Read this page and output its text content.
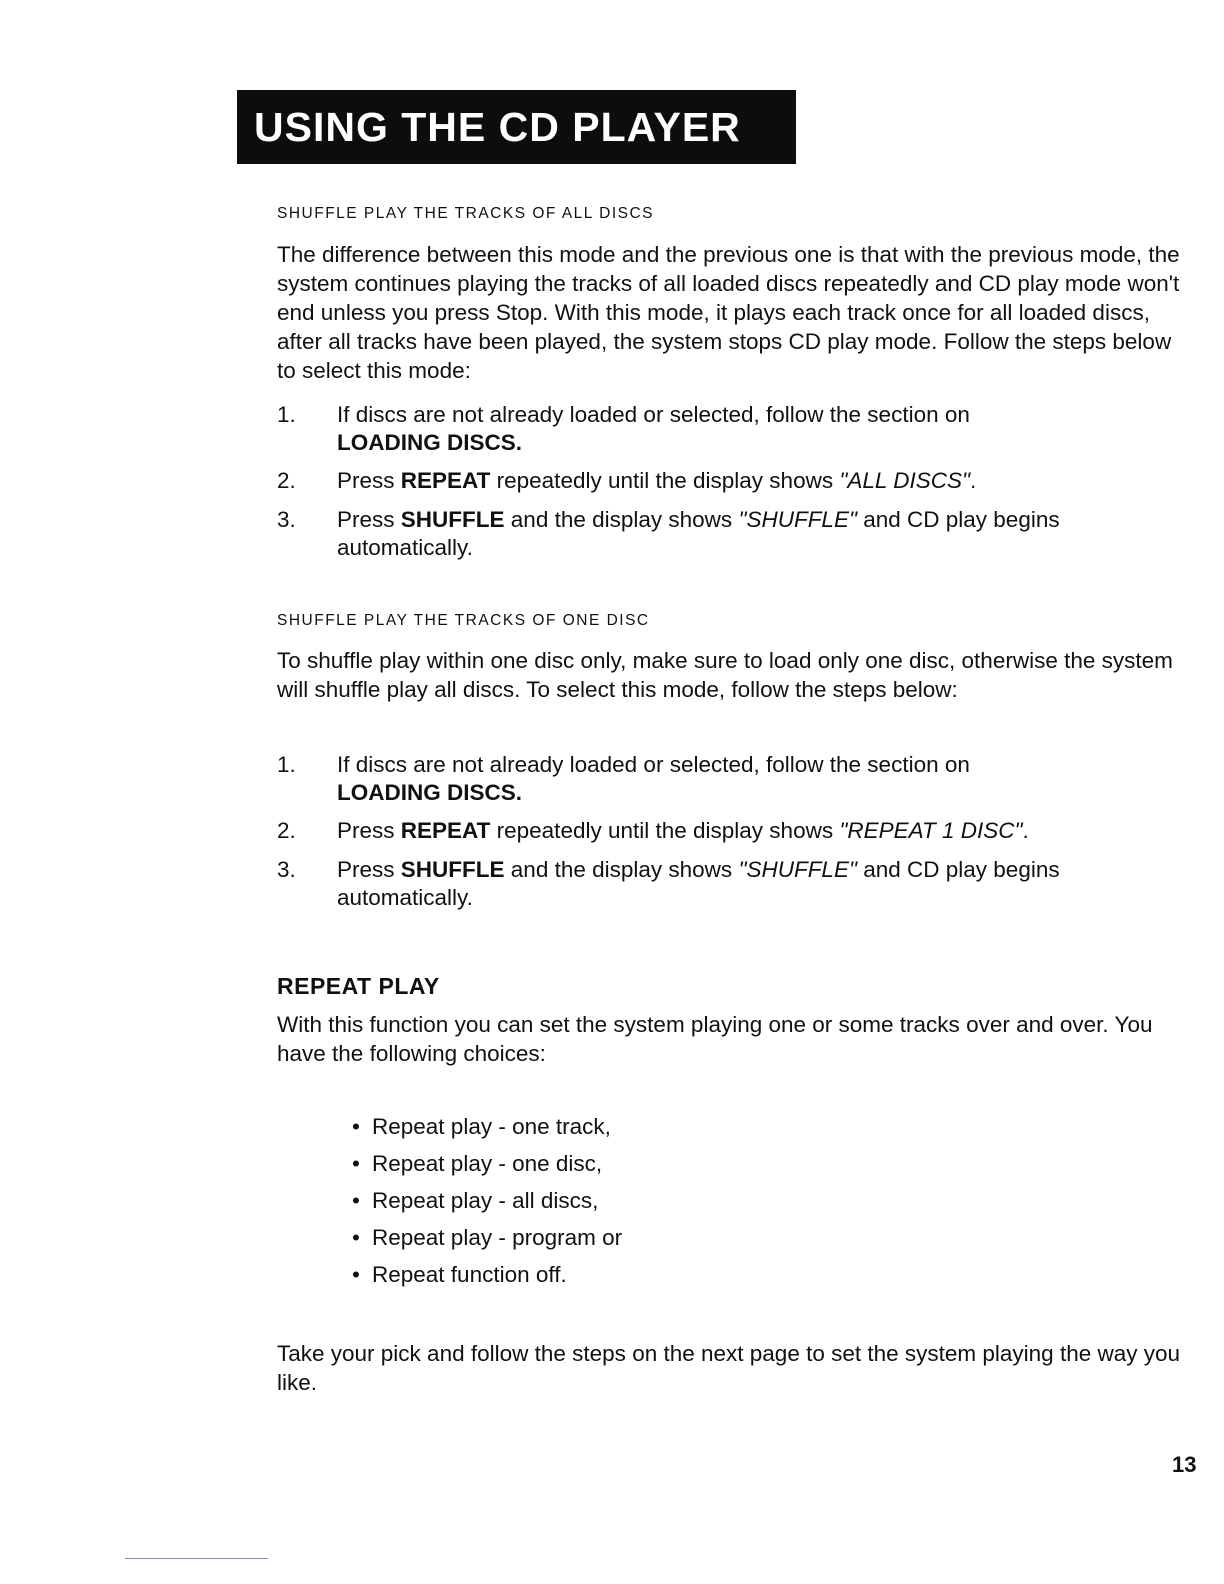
USING THE CD PLAYER
SHUFFLE PLAY THE TRACKS OF ALL DISCS
The difference between this mode and the previous one is that with the previous mode, the system continues playing the tracks of all loaded discs repeatedly and CD play mode won't end unless you press Stop. With this mode, it plays each track once for all loaded discs, after all tracks have been played, the system stops CD play mode. Follow the steps below to select this mode:
1. If discs are not already loaded or selected, follow the section on
LOADING DISCS.
2. Press REPEAT repeatedly until the display shows "ALL DISCS".
3. Press SHUFFLE and the display shows "SHUFFLE" and CD play begins automatically.
SHUFFLE PLAY THE TRACKS OF ONE DISC
To shuffle play within one disc only, make sure to load only one disc, otherwise the system will shuffle play all discs. To select this mode, follow the steps below:
1. If discs are not already loaded or selected, follow the section on
LOADING DISCS.
2. Press REPEAT repeatedly until the display shows "REPEAT 1 DISC".
3. Press SHUFFLE and the display shows "SHUFFLE" and CD play begins automatically.
REPEAT PLAY
With this function you can set the system playing one or some tracks over and over. You have the following choices:
• Repeat play - one track,
• Repeat play - one disc,
• Repeat play - all discs,
• Repeat play - program or
• Repeat function off.
Take your pick and follow the steps on the next page to set the system playing the way you like.
13
